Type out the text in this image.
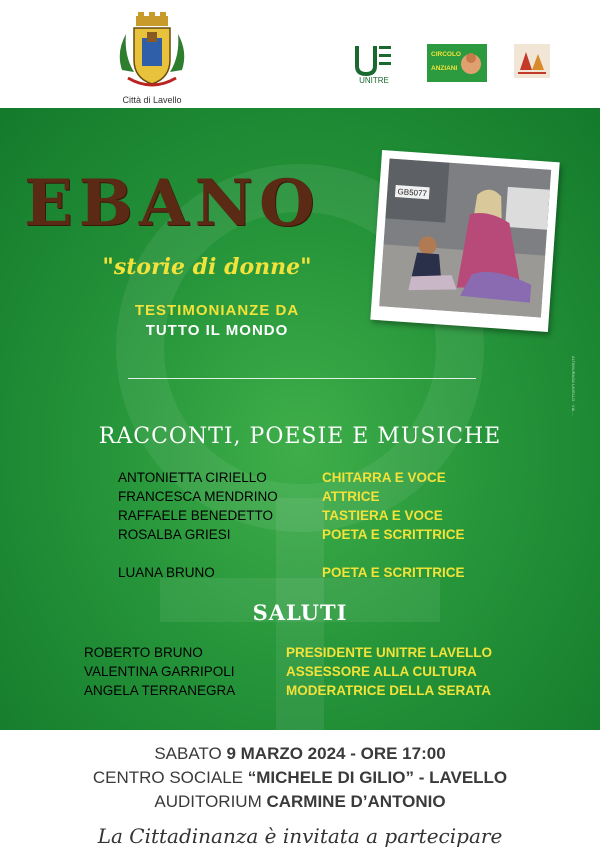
Città di Lavello
UNITRE
CIRCOLO
ANZIANI
EBANO
"storie di donne"
TESTIMONIANZE DA
TUTTO IL MONDO
GB5077
RACCONTI, POESIE E MUSICHE
ANTONIETTA CIRIELLO	CHITARRA E VOCE
FRANCESCA MENDRINO	ATTRICE
RAFFAELE BENEDETTO	TASTIERA E VOCE
ROSALBA GRIESI	POETA E SCRITTRICE
LUANA BRUNO	POETA E SCRITTRICE
SALUTI
ROBERTO BRUNO	PRESIDENTE UNITRE LAVELLO
VALENTINA GARRIPOLI	ASSESSORE ALLA CULTURA
ANGELA TERRANEGRA	MODERATRICE DELLA SERATA
ALTAMURAGA LAVELLO · VIA ...
SABATO 9 MARZO 2024 - ORE 17:00
CENTRO SOCIALE “MICHELE DI GILIO” - LAVELLO
AUDITORIUM CARMINE D’ANTONIO
La Cittadinanza è invitata a partecipare
